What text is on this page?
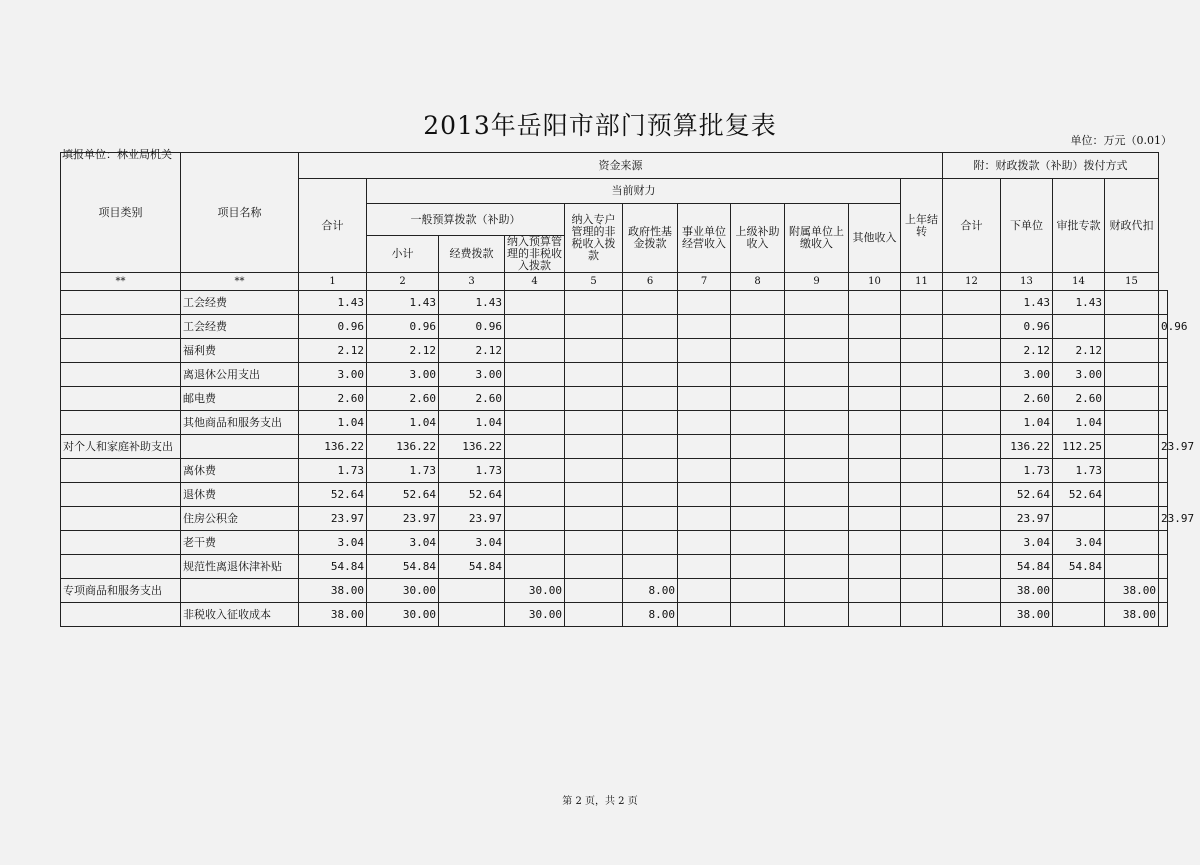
2013年岳阳市部门预算批复表
单位：万元（0.01）
填报单位：林业局机关
项目类别	项目名称	资金来源											附：财政拨款（补助）拨付方式				
		合计	当前财力									上年结转	合计	下单位	审批专款	财政代扣	
			一般预算拨款（补助）			纳入专户管理的非税收入拨款	政府性基金拨款	事业单位经营收入	上级补助收入	附属单位上缴收入	其他收入						
			小计	经费拨款	纳入预算管理的非税收入拨款												
**	**	1	2	3	4	5	6	7	8	9	10	11	12	13	14	15	
	工会经费	1.43	1.43	1.43										1.43	1.43		
	工会经费	0.96	0.96	0.96										0.96			0.96
	福利费	2.12	2.12	2.12										2.12	2.12		
	离退休公用支出	3.00	3.00	3.00										3.00	3.00		
	邮电费	2.60	2.60	2.60										2.60	2.60		
	其他商品和服务支出	1.04	1.04	1.04										1.04	1.04		
对个人和家庭补助支出		136.22	136.22	136.22										136.22	112.25		23.97
	离休费	1.73	1.73	1.73										1.73	1.73		
	退休费	52.64	52.64	52.64										52.64	52.64		
	住房公积金	23.97	23.97	23.97										23.97			23.97
	老干费	3.04	3.04	3.04										3.04	3.04		
	规范性离退休津补贴	54.84	54.84	54.84										54.84	54.84		
专项商品和服务支出		38.00	30.00		30.00		8.00							38.00		38.00	
	非税收入征收成本	38.00	30.00		30.00		8.00							38.00		38.00	
第 2 页，共 2 页
